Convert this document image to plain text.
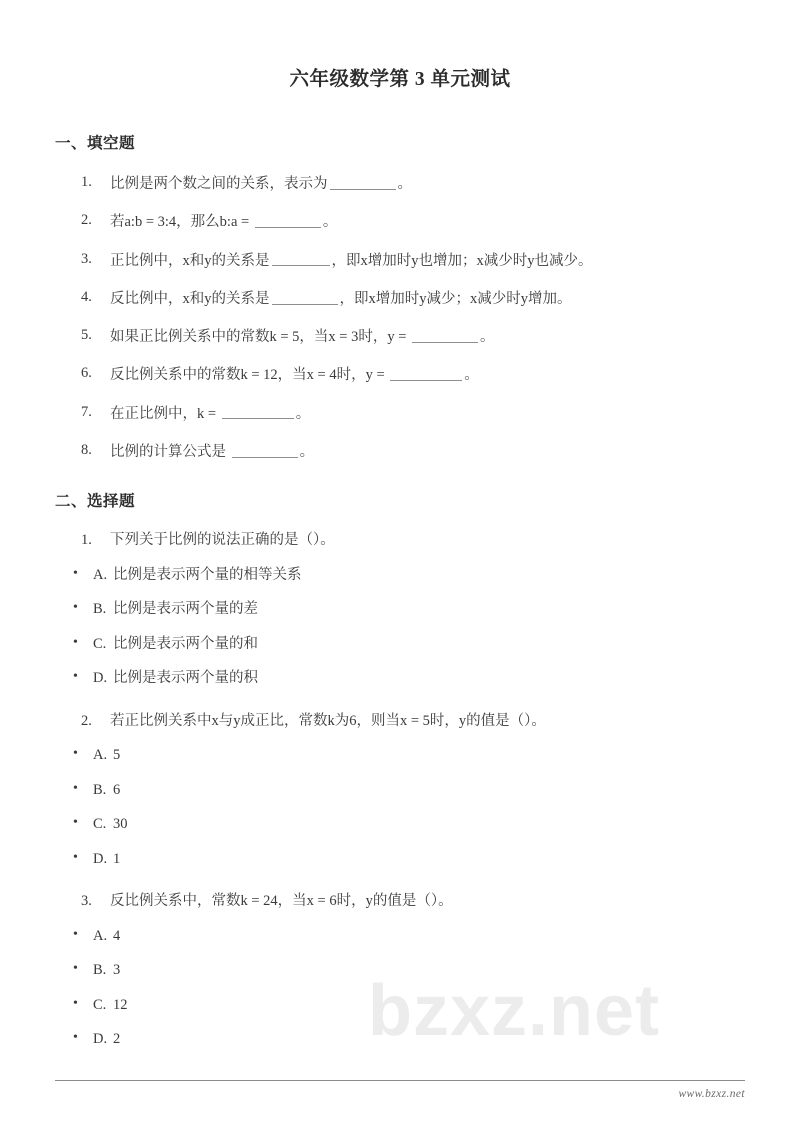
bzxz.net
六年级数学第 3 单元测试
一、填空题
1.	比例是两个数之间的关系，表示为	。
2.	若a:b = 3:4，那么b:a =	。
3.	正比例中，x和y的关系是	，即x增加时y也增加；x减少时y也减少。
4.	反比例中，x和y的关系是	，即x增加时y减少；x减少时y增加。
5.	如果正比例关系中的常数k = 5，当x = 3时，y =	。
6.	反比例关系中的常数k = 12，当x = 4时，y =	。
7.	在正比例中，k =	。
8.	比例的计算公式是	。
二、选择题
1.	下列关于比例的说法正确的是（）。
• A. 比例是表示两个量的相等关系
• B. 比例是表示两个量的差
• C. 比例是表示两个量的和
• D. 比例是表示两个量的积
2.	若正比例关系中x与y成正比，常数k为6，则当x = 5时，y的值是（）。
• A. 5
• B. 6
• C. 30
• D. 1
3.	反比例关系中，常数k = 24，当x = 6时，y的值是（）。
• A. 4
• B. 3
• C. 12
• D. 2
www.bzxz.net
